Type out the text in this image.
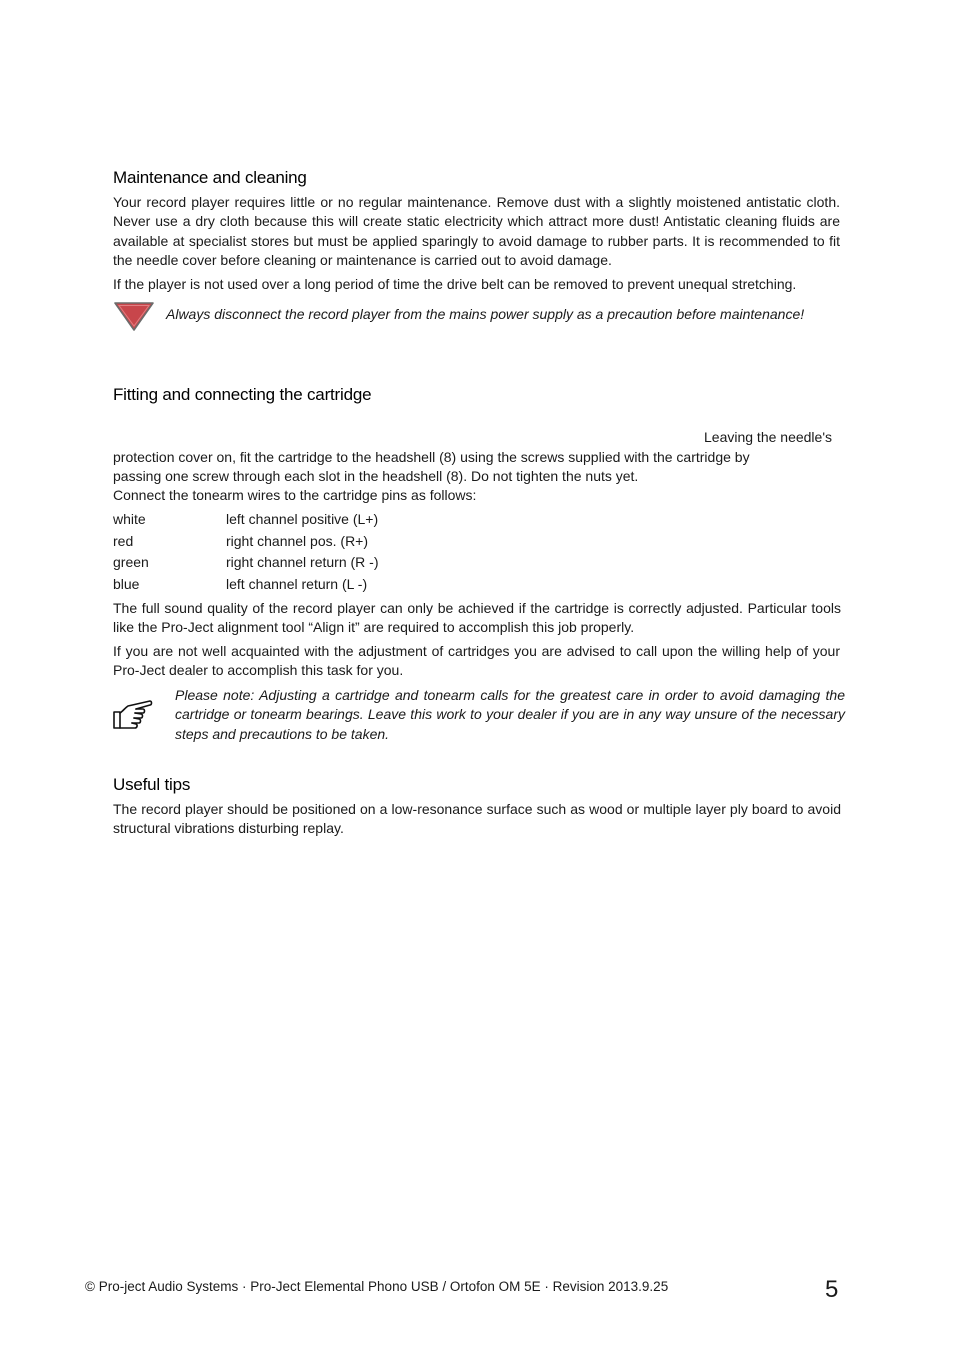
Maintenance and cleaning

Your record player requires little or no regular maintenance. Remove dust with a slightly moistened antistatic cloth. Never use a dry cloth because this will create static electricity which attract more dust! Antistatic cleaning fluids are available at specialist stores but must be applied sparingly to avoid damage to rubber parts. It is recommended to fit the needle cover before cleaning or maintenance is carried out to avoid damage.

If the player is not used over a long period of time the drive belt can be removed to prevent unequal stretching.

Always disconnect the record player from the mains power supply as a precaution before maintenance!

Fitting and connecting the cartridge

Leaving the needle's

protection cover on, fit the cartridge to the headshell (8) using the screws supplied with the cartridge by

passing one screw through each slot in the headshell (8). Do not tighten the nuts yet.

Connect the tonearm wires to the cartridge pins as follows:

white	left channel positive (L+)
red	right channel pos. (R+)
green	right channel return (R -)
blue	left channel return (L -)

The full sound quality of the record player can only be achieved if the cartridge is correctly adjusted. Particular tools like the Pro-Ject alignment tool “Align it” are required to accomplish this job properly.

If you are not well acquainted with the adjustment of cartridges you are advised to call upon the willing help of your Pro-Ject dealer to accomplish this task for you.

Please note: Adjusting a cartridge and tonearm calls for the greatest care in order to avoid damaging the cartridge or tonearm bearings. Leave this work to your dealer if you are in any way unsure of the necessary steps and precautions to be taken.

Useful tips

The record player should be positioned on a low-resonance surface such as wood or multiple layer ply board to avoid structural vibrations disturbing replay.

© Pro-ject Audio Systems · Pro-Ject Elemental Phono USB / Ortofon OM 5E · Revision 2013.9.25	5
